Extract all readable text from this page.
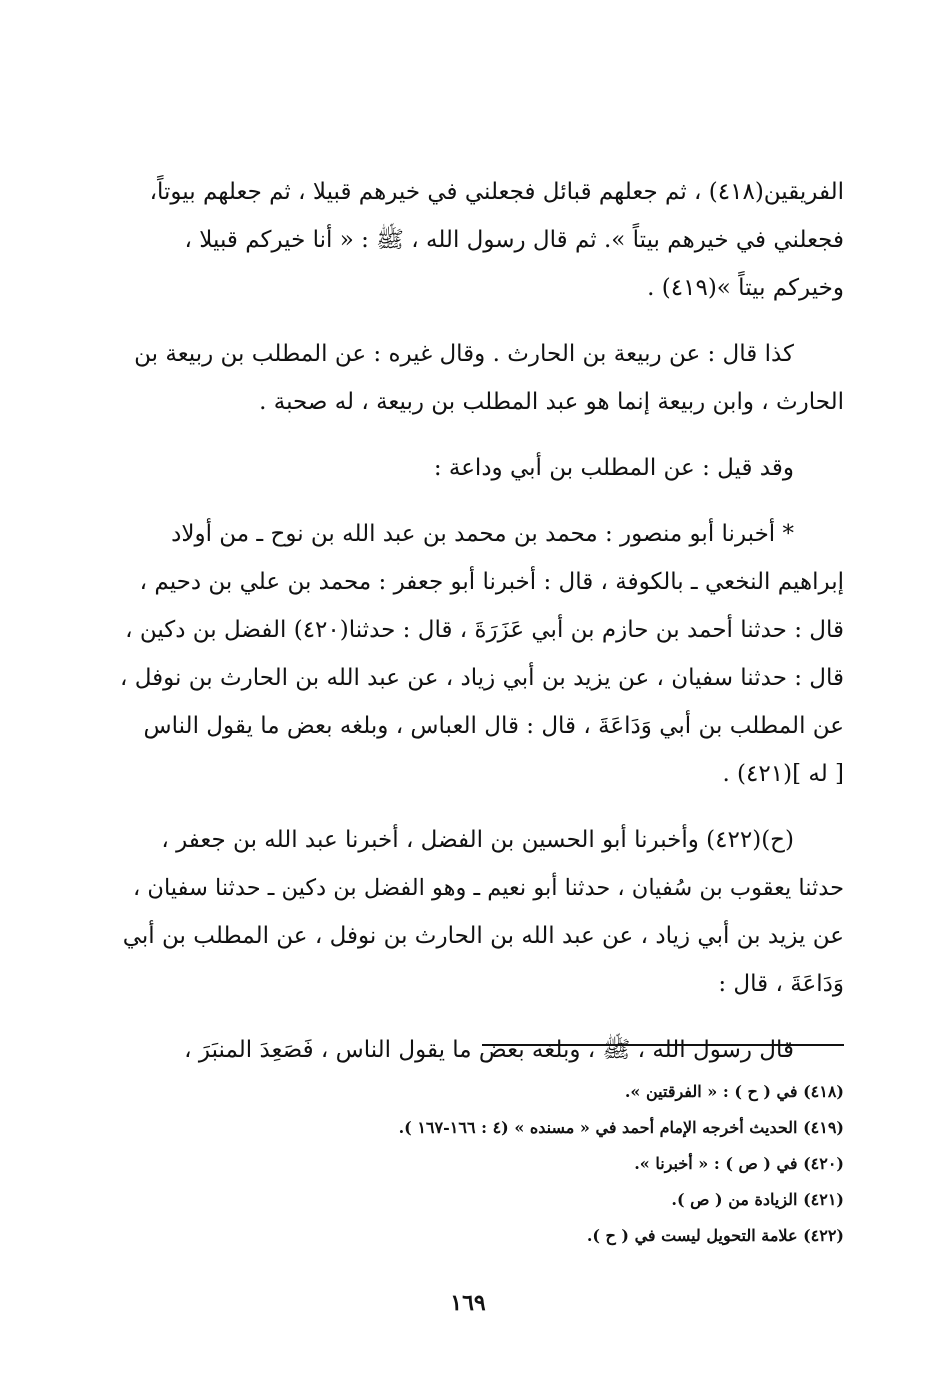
الفريقين(٤١٨) ، ثم جعلهم قبائل فجعلني في خيرهم قبيلا ، ثم جعلهم بيوتاً،
فجعلني في خيرهم بيتاً ». ثم قال رسول الله ، ﷺ : « أنا خيركم قبيلا ،
وخيركم بيتاً »(٤١٩) .

كذا قال : عن ربيعة بن الحارث . وقال غيره : عن المطلب بن ربيعة بن
الحارث ، وابن ربيعة إنما هو عبد المطلب بن ربيعة ، له صحبة .

وقد قيل : عن المطلب بن أبي وداعة :

* أخبرنا أبو منصور : محمد بن محمد بن عبد الله بن نوح ـ من أولاد
إبراهيم النخعي ـ بالكوفة ، قال : أخبرنا أبو جعفر : محمد بن علي بن دحيم ،
قال : حدثنا أحمد بن حازم بن أبي عَزَرَةَ ، قال : حدثنا(٤٢٠) الفضل بن دكين ،
قال : حدثنا سفيان ، عن يزيد بن أبي زياد ، عن عبد الله بن الحارث بن نوفل ،
عن المطلب بن أبي وَدَاعَةَ ، قال : قال العباس ، وبلغه بعض ما يقول الناس
[ له ](٤٢١) .

(ح)(٤٢٢) وأخبرنا أبو الحسين بن الفضل ، أخبرنا عبد الله بن جعفر ،
حدثنا يعقوب بن سُفيان ، حدثنا أبو نعيم ـ وهو الفضل بن دكين ـ حدثنا سفيان ،
عن يزيد بن أبي زياد ، عن عبد الله بن الحارث بن نوفل ، عن المطلب بن أبي
وَدَاعَةَ ، قال :

قال رسول الله ، ﷺ ، وبلغه بعض ما يقول الناس ، فَصَعِدَ المنبَرَ ،

(٤١٨) في ( ح ) : « الفرقتين ».
(٤١٩) الحديث أخرجه الإمام أحمد في « مسنده » (٤ : ١٦٦-١٦٧ ).
(٤٢٠) في ( ص ) : « أخبرنا ».
(٤٢١) الزيادة من ( ص ).
(٤٢٢) علامة التحويل ليست في ( ح ).
١٦٩
